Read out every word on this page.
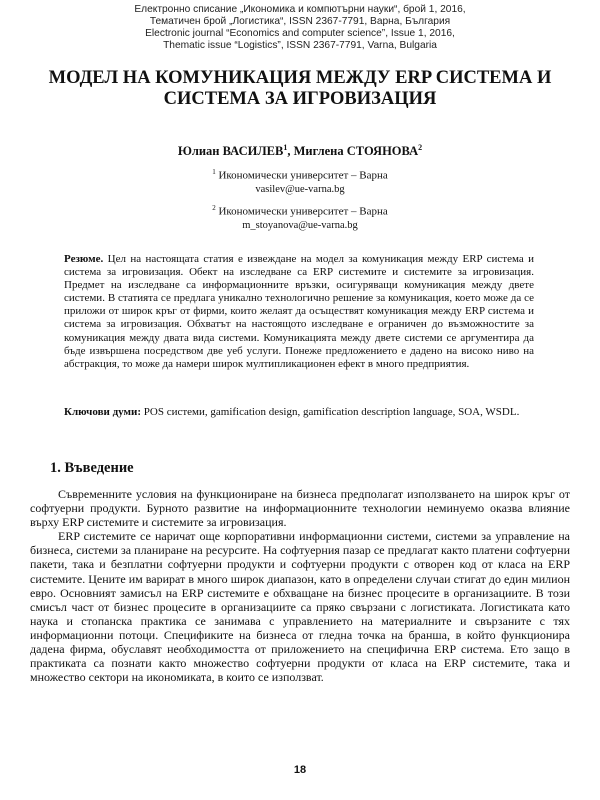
Електронно списание „Икономика и компютърни науки“, брой 1, 2016,
Тематичен брой „Логистика“, ISSN 2367-7791, Варна, България
Electronic journal “Economics and computer science”, Issue 1, 2016,
Thematic issue “Logistics”, ISSN 2367-7791, Varna, Bulgaria
МОДЕЛ НА КОМУНИКАЦИЯ МЕЖДУ ERP СИСТЕМА И СИСТЕМА ЗА ИГРОВИЗАЦИЯ
Юлиан ВАСИЛЕВ$^1$, Миглена СТОЯНОВА$^2$
$^1$ Икономически университет – Варна
vasilev@ue-varna.bg
$^2$ Икономически университет – Варна
m_stoyanova@ue-varna.bg
Резюме. Цел на настоящата статия е извеждане на модел за комуникация между ERP система и система за игровизация. Обект на изследване са ERP системите и системите за игровизация. Предмет на изследване са информационните връзки, осигуряващи комуникация между двете системи. В статията се предлага уникално технологично решение за комуникация, което може да се приложи от широк кръг от фирми, които желаят да осъществят комуникация между ERP система и система за игровизация. Обхватът на настоящото изследване е ограничен до възможностите за комуникация между двата вида системи. Комуникацията между двете системи се аргументира да бъде извършена посредством две уеб услуги. Понеже предложението е дадено на високо ниво на абстракция, то може да намери широк мултипликационен ефект в много предприятия.
Ключови думи: POS системи, gamification design, gamification description language, SOA, WSDL.
1. Въведение

Съвременните условия на функциониране на бизнеса предполагат използването на широк кръг от софтуерни продукти. Бурното развитие на информационните технологии неминуемо оказва влияние върху ERP системите и системите за игровизация.

ERP системите се наричат още корпоративни информационни системи, системи за управление на бизнеса, системи за планиране на ресурсите. На софтуерния пазар се предлагат както платени софтуерни пакети, така и безплатни софтуерни продукти и софтуерни продукти с отворен код от класа на ERP системите. Цените им варират в много широк диапазон, като в определени случаи стигат до един милион евро. Основният замисъл на ERP системите е обхващане на бизнес процесите в организациите. В този смисъл част от бизнес процесите в организациите са пряко свързани с логистиката. Логистиката като наука и стопанска практика се занимава с управлението на материалните и свързаните с тях информационни потоци. Спецификите на бизнеса от гледна точка на бранша, в който функционира дадена фирма, обуславят необходимостта от приложението на специфична ERP система. Ето защо в практиката са познати както множество софтуерни продукти от класа на ERP системите, така и множество сектори на икономиката, в които се използват.

18
